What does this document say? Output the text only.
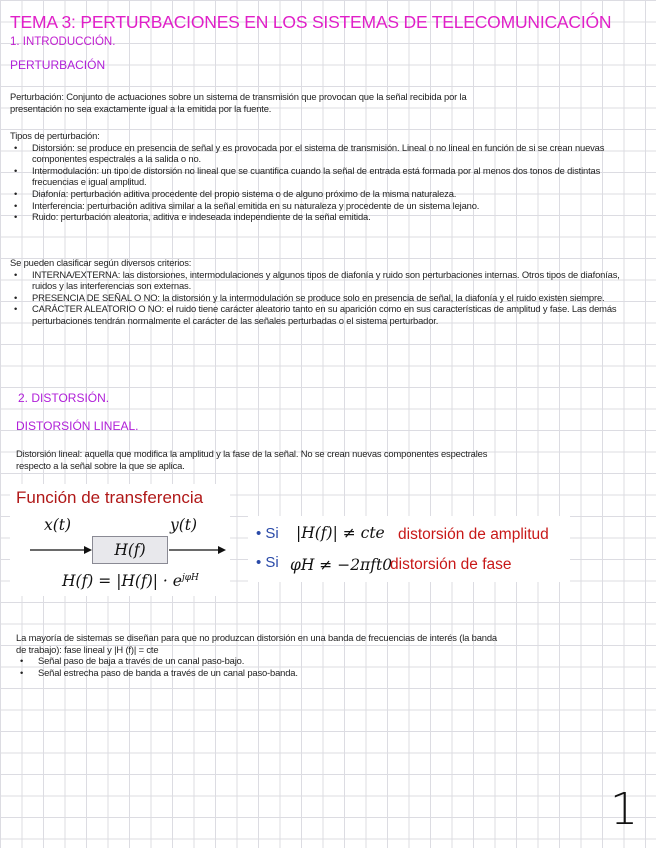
TEMA 3: PERTURBACIONES EN LOS SISTEMAS DE TELECOMUNICACIÓN
1. INTRODUCCIÓN.
PERTURBACIÓN
Perturbación: Conjunto de actuaciones sobre un sistema de transmisión que provocan que la señal recibida por la
presentación no sea exactamente igual a la emitida por la fuente.
Tipos de perturbación:
• Distorsión: se produce en presencia de señal y es provocada por el sistema de transmisión. Lineal o no lineal en función de si se crean nuevas componentes espectrales a la salida o no.
• Intermodulación: un tipo de distorsión no lineal que se cuantifica cuando la señal de entrada está formada por al menos dos tonos de distintas frecuencias e igual amplitud.
• Diafonía: perturbación aditiva procedente del propio sistema o de alguno próximo de la misma naturaleza.
• Interferencia: perturbación aditiva similar a la señal emitida en su naturaleza y procedente de un sistema lejano.
• Ruido: perturbación aleatoria, aditiva e indeseada independiente de la señal emitida.
Se pueden clasificar según diversos criterios:
• INTERNA/EXTERNA: las distorsiones, intermodulaciones y algunos tipos de diafonía y ruido son perturbaciones internas. Otros tipos de diafonías, ruidos y las interferencias son externas.
• PRESENCIA DE SEÑAL O NO: la distorsión y la intermodulación se produce solo en presencia de señal, la diafonía y el ruido existen siempre.
• CARÁCTER ALEATORIO O NO: el ruido tiene carácter aleatorio tanto en su aparición como en sus características de amplitud y fase. Las demás perturbaciones tendrán normalmente el carácter de las señales perturbadas o el sistema perturbador.
2. DISTORSIÓN.
DISTORSIÓN LINEAL.
Distorsión lineal: aquella que modifica la amplitud y la fase de la señal. No se crean nuevas componentes espectrales
respecto a la señal sobre la que se aplica.
Función de transferencia
x(t)	y(t)
H(f)
$H(f) = |H(f)| \cdot e^{j\varphi H}$
• Si |H(f)| ≠ cte distorsión de amplitud
• Si φH ≠ −2πft0
distorsión de fase
La mayoría de sistemas se diseñan para que no produzcan distorsión en una banda de frecuencias de interés (la banda
de trabajo): fase lineal y |H (f)| = cte
• Señal paso de baja a través de un canal paso-bajo.
• Señal estrecha paso de banda a través de un canal paso-banda.
1
